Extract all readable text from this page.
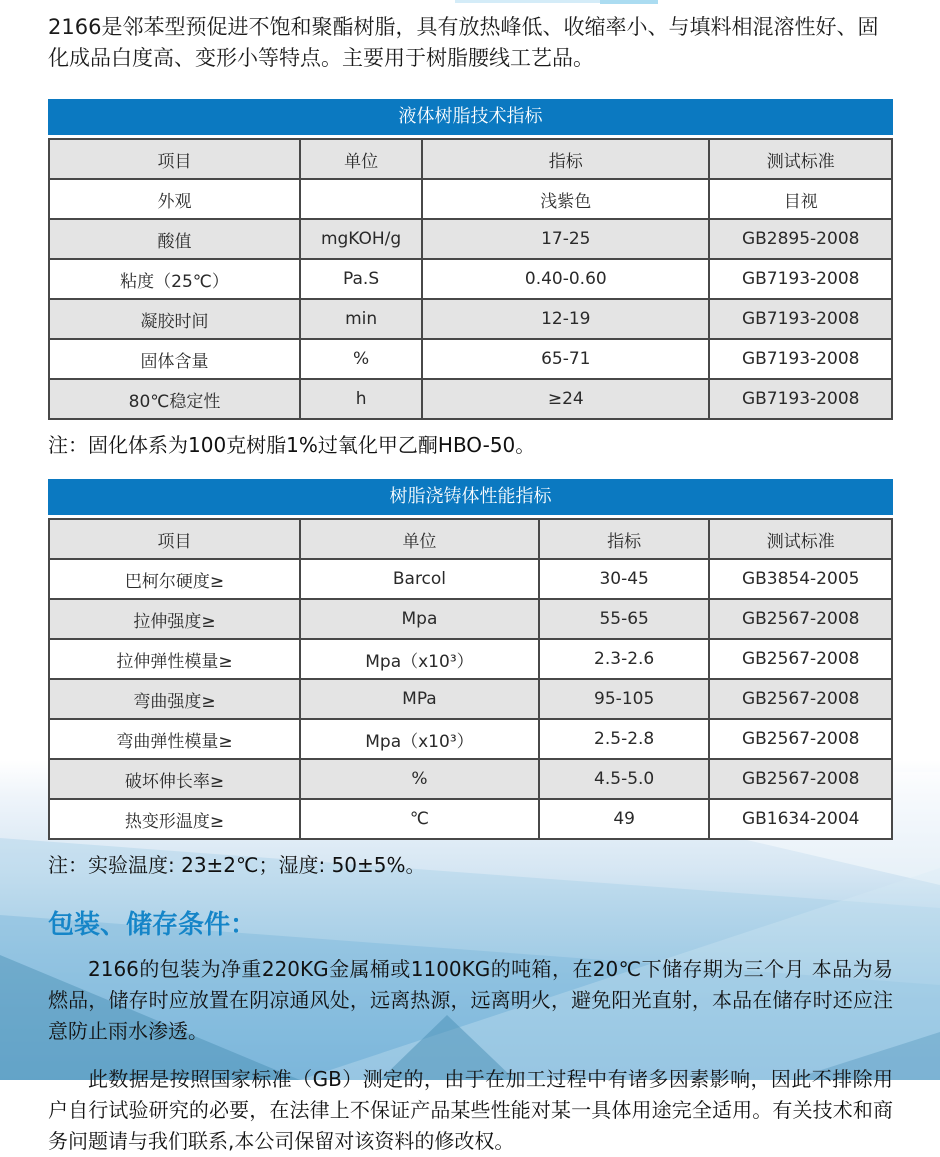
2166是邻苯型预促进不饱和聚酯树脂，具有放热峰低、收缩率小、与填料相混溶性好、固化成品白度高、变形小等特点。主要用于树脂腰线工艺品。

液体树脂技术指标
项目	单位	指标	测试标准
外观		浅紫色	目视
酸值	mgKOH/g	17-25	GB2895-2008
粘度（25℃）	Pa.S	0.40-0.60	GB7193-2008
凝胶时间	min	12-19	GB7193-2008
固体含量	%	65-71	GB7193-2008
80℃稳定性	h	≥24	GB7193-2008

注：固化体系为100克树脂1%过氧化甲乙酮HBO-50。

树脂浇铸体性能指标
项目	单位	指标	测试标准
巴柯尔硬度≥	Barcol	30-45	GB3854-2005
拉伸强度≥	Mpa	55-65	GB2567-2008
拉伸弹性模量≥	Mpa（x10³）	2.3-2.6	GB2567-2008
弯曲强度≥	MPa	95-105	GB2567-2008
弯曲弹性模量≥	Mpa（x10³）	2.5-2.8	GB2567-2008
破坏伸长率≥	%	4.5-5.0	GB2567-2008
热变形温度≥	℃	49	GB1634-2004

注：实验温度: 23±2℃；湿度: 50±5%。

包装、储存条件：

2166的包装为净重220KG金属桶或1100KG的吨箱，在20℃下储存期为三个月 本品为易燃品，储存时应放置在阴凉通风处，远离热源，远离明火，避免阳光直射，本品在储存时还应注意防止雨水渗透。

此数据是按照国家标准（GB）测定的，由于在加工过程中有诸多因素影响，因此不排除用户自行试验研究的必要，在法律上不保证产品某些性能对某一具体用途完全适用。有关技术和商务问题请与我们联系,本公司保留对该资料的修改权。
